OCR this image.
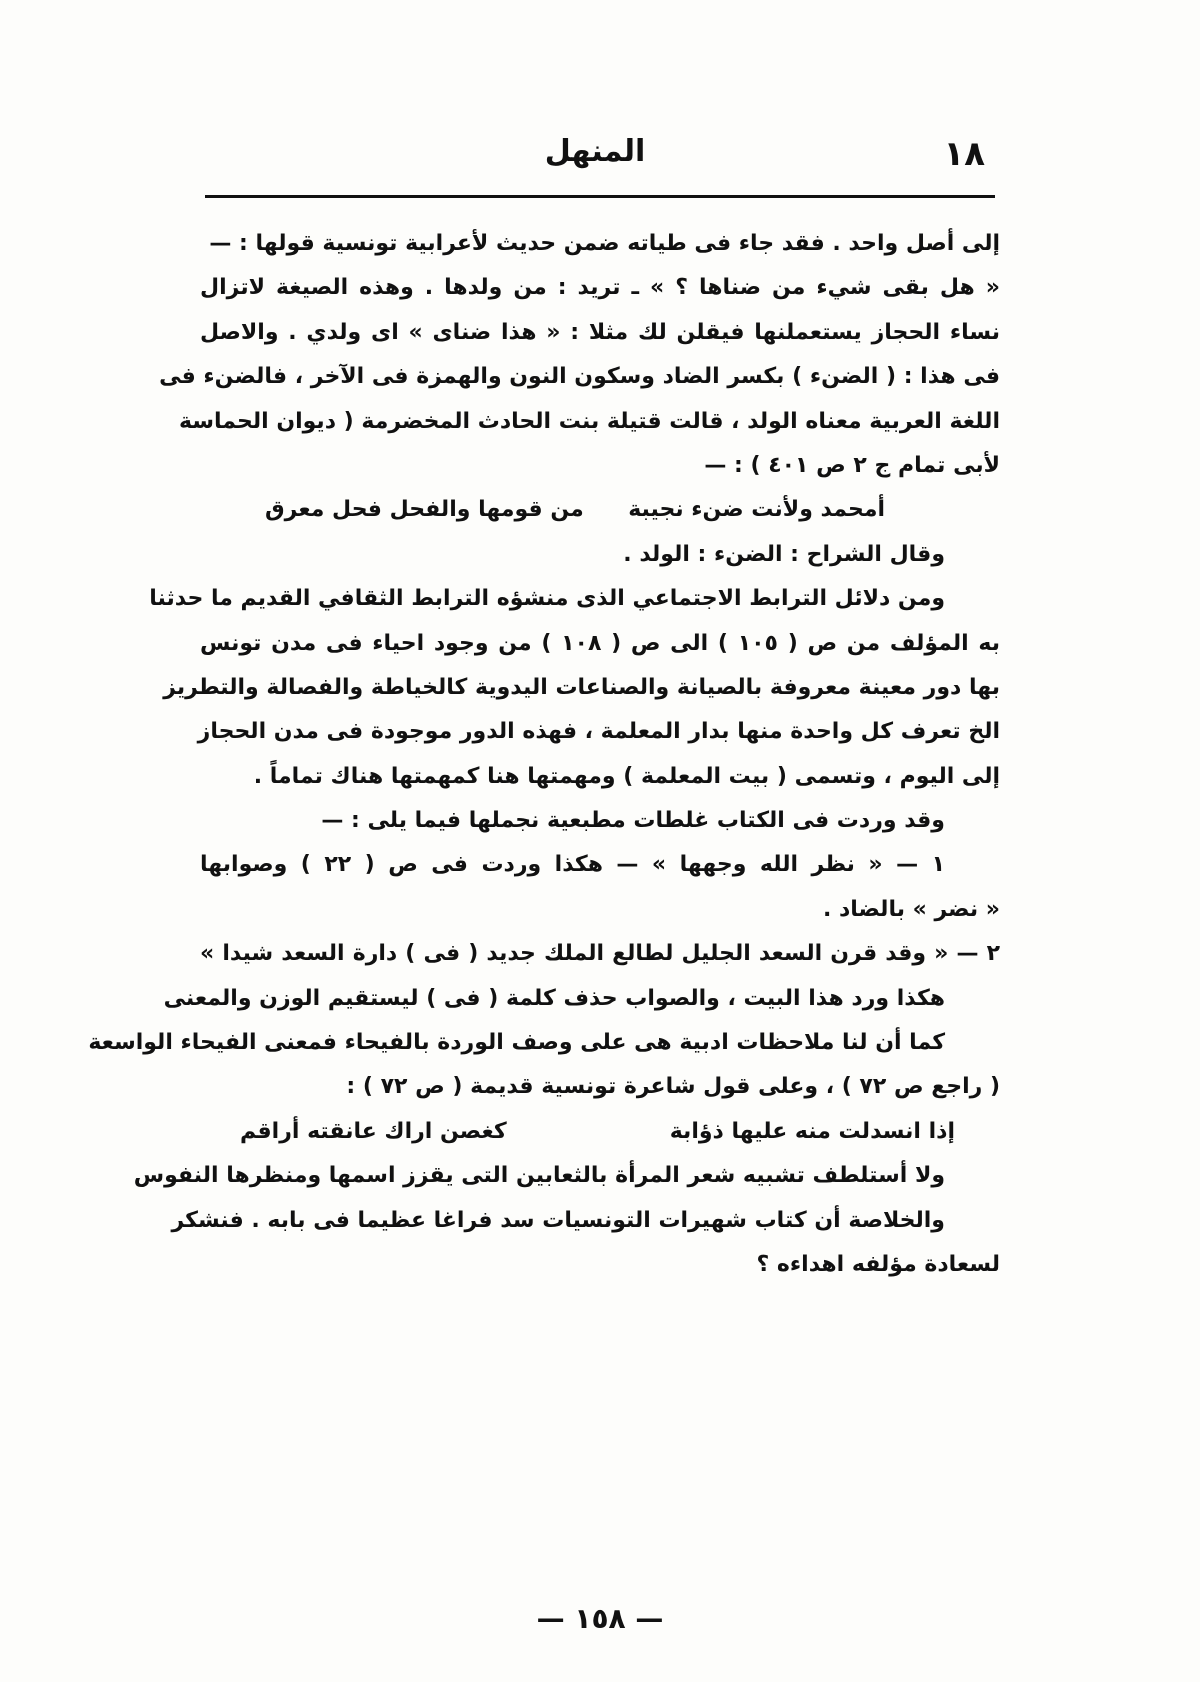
١٨
المنهل
إلى أصل واحد . فقد جاء فى طياته ضمن حديث لأعرابية تونسية قولها : —
« هل بقى شيء من ضناها ؟ » ـ تريد : من ولدها . وهذه الصيغة لاتزال
نساء الحجاز يستعملنها فيقلن لك مثلا : « هذا ضناى » اى ولدي . والاصل
فى هذا : ( الضنء ) بكسر الضاد وسكون النون والهمزة فى الآخر ، فالضنء فى
اللغة العربية معناه الولد ، قالت قتيلة بنت الحادث المخضرمة ( ديوان الحماسة
لأبى تمام ج ٢ ص ٤٠١ ) : —
أمحمد ولأنت ضنء نجيبة
من قومها والفحل فحل معرق
وقال الشراح : الضنء : الولد .
ومن دلائل الترابط الاجتماعي الذى منشؤه الترابط الثقافي القديم ما حدثنا
به المؤلف من ص ( ١٠٥ ) الى ص ( ١٠٨ ) من وجود احياء فى مدن تونس
بها دور معينة معروفة بالصيانة والصناعات اليدوية كالخياطة والفصالة والتطريز
الخ تعرف كل واحدة منها بدار المعلمة ، فهذه الدور موجودة فى مدن الحجاز
إلى اليوم ، وتسمى ( بيت المعلمة ) ومهمتها هنا كمهمتها هناك تماماً .
وقد وردت فى الكتاب غلطات مطبعية نجملها فيما يلى : —
١ — « نظر الله وجهها » — هكذا وردت فى ص ( ٢٢ ) وصوابها
« نضر » بالضاد .
٢ — « وقد قرن السعد الجليل لطالع الملك جديد ( فى ) دارة السعد شيدا »
هكذا ورد هذا البيت ، والصواب حذف كلمة ( فى ) ليستقيم الوزن والمعنى
كما أن لنا ملاحظات ادبية هى على وصف الوردة بالفيحاء فمعنى الفيحاء الواسعة
( راجع ص ٧٢ ) ، وعلى قول شاعرة تونسية قديمة ( ص ٧٢ ) :
إذا انسدلت منه عليها ذؤابة
كغصن اراك عانقته أراقم
ولا أستلطف تشبيه شعر المرأة بالثعابين التى يقزز اسمها ومنظرها النفوس
والخلاصة أن كتاب شهيرات التونسيات سد فراغا عظيما فى بابه . فنشكر
لسعادة مؤلفه اهداءه ؟
— ١٥٨ —
